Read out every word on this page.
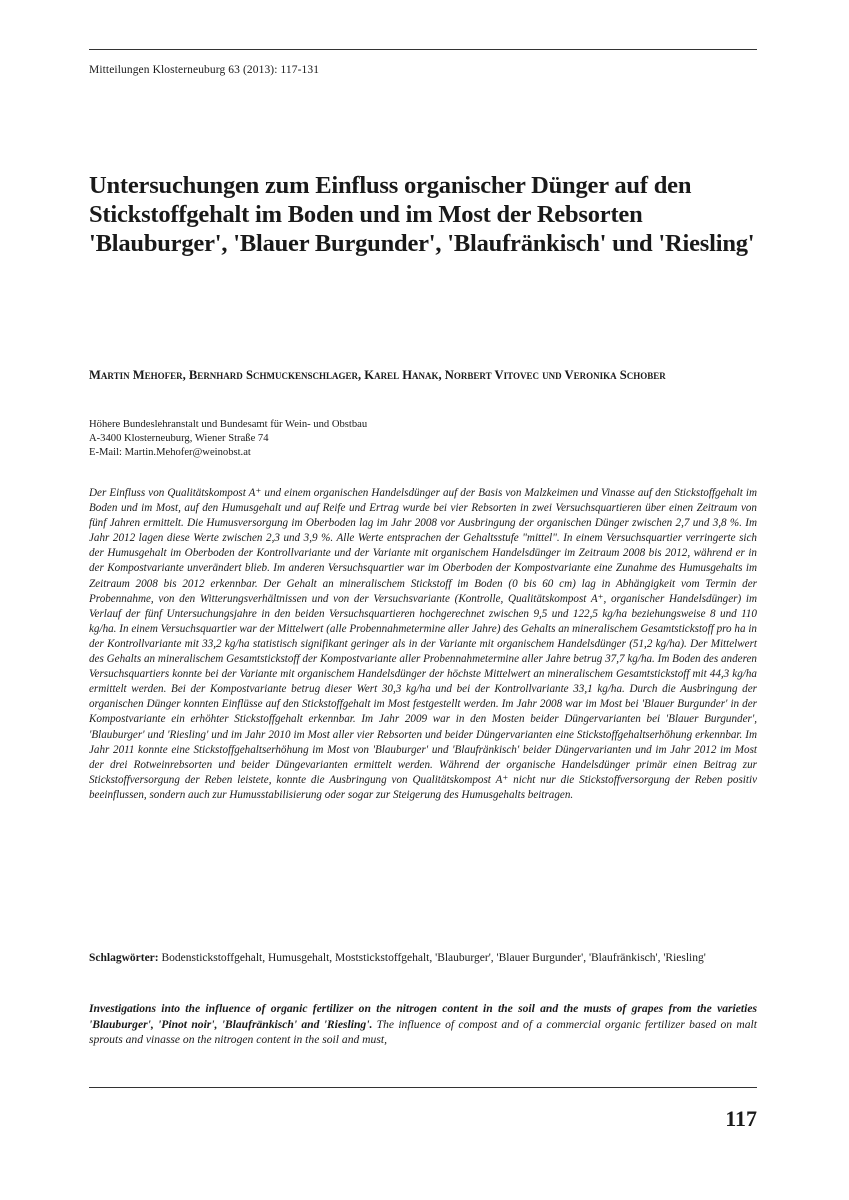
Mitteilungen Klosterneuburg 63 (2013): 117-131
Untersuchungen zum Einfluss organischer Dünger auf den Stickstoffgehalt im Boden und im Most der Rebsorten 'Blauburger', 'Blauer Burgunder', 'Blaufränkisch' und 'Riesling'

Martin Mehofer, Bernhard Schmuckenschlager, Karel Hanak, Norbert Vitovec und Veronika Schober

Höhere Bundeslehranstalt und Bundesamt für Wein- und Obstbau
A-3400 Klosterneuburg, Wiener Straße 74
E-Mail: Martin.Mehofer@weinobst.at

Der Einfluss von Qualitätskompost A⁺ und einem organischen Handelsdünger auf der Basis von Malzkeimen und Vinasse auf den Stickstoffgehalt im Boden und im Most, auf den Humusgehalt und auf Reife und Ertrag wurde bei vier Rebsorten in zwei Versuchsquartieren über einen Zeitraum von fünf Jahren ermittelt. Die Humusversorgung im Oberboden lag im Jahr 2008 vor Ausbringung der organischen Dünger zwischen 2,7 und 3,8 %. Im Jahr 2012 lagen diese Werte zwischen 2,3 und 3,9 %. Alle Werte entsprachen der Gehaltsstufe "mittel". In einem Versuchsquartier verringerte sich der Humusgehalt im Oberboden der Kontrollvariante und der Variante mit organischem Handelsdünger im Zeitraum 2008 bis 2012, während er in der Kompostvariante unverändert blieb. Im anderen Versuchsquartier war im Oberboden der Kompostvariante eine Zunahme des Humusgehalts im Zeitraum 2008 bis 2012 erkennbar. Der Gehalt an mineralischem Stickstoff im Boden (0 bis 60 cm) lag in Abhängigkeit vom Termin der Probennahme, von den Witterungsverhältnissen und von der Versuchsvariante (Kontrolle, Qualitätskompost A⁺, organischer Handelsdünger) im Verlauf der fünf Untersuchungsjahre in den beiden Versuchsquartieren hochgerechnet zwischen 9,5 und 122,5 kg/ha beziehungsweise 8 und 110 kg/ha. In einem Versuchsquartier war der Mittelwert (alle Probennahmetermine aller Jahre) des Gehalts an mineralischem Gesamtstickstoff pro ha in der Kontrollvariante mit 33,2 kg/ha statistisch signifikant geringer als in der Variante mit organischem Handelsdünger (51,2 kg/ha). Der Mittelwert des Gehalts an mineralischem Gesamtstickstoff der Kompostvariante aller Probennahmetermine aller Jahre betrug 37,7 kg/ha. Im Boden des anderen Versuchsquartiers konnte bei der Variante mit organischem Handelsdünger der höchste Mittelwert an mineralischem Gesamtstickstoff mit 44,3 kg/ha ermittelt werden. Bei der Kompostvariante betrug dieser Wert 30,3 kg/ha und bei der Kontrollvariante 33,1 kg/ha. Durch die Ausbringung der organischen Dünger konnten Einflüsse auf den Stickstoffgehalt im Most festgestellt werden. Im Jahr 2008 war im Most bei 'Blauer Burgunder' in der Kompostvariante ein erhöhter Stickstoffgehalt erkennbar. Im Jahr 2009 war in den Mosten beider Düngervarianten bei 'Blauer Burgunder', 'Blauburger' und 'Riesling' und im Jahr 2010 im Most aller vier Rebsorten und beider Düngervarianten eine Stickstoffgehaltserhöhung erkennbar. Im Jahr 2011 konnte eine Stickstoffgehaltserhöhung im Most von 'Blauburger' und 'Blaufränkisch' beider Düngervarianten und im Jahr 2012 im Most der drei Rotweinrebsorten und beider Düngevarianten ermittelt werden. Während der organische Handelsdünger primär einen Beitrag zur Stickstoffversorgung der Reben leistete, konnte die Ausbringung von Qualitätskompost A⁺ nicht nur die Stickstoffversorgung der Reben positiv beeinflussen, sondern auch zur Humusstabilisierung oder sogar zur Steigerung des Humusgehalts beitragen.

Schlagwörter: Bodenstickstoffgehalt, Humusgehalt, Moststickstoffgehalt, 'Blauburger', 'Blauer Burgunder', 'Blaufränkisch', 'Riesling'

Investigations into the influence of organic fertilizer on the nitrogen content in the soil and the musts of grapes from the varieties 'Blauburger', 'Pinot noir', 'Blaufränkisch' and 'Riesling'. The influence of compost and of a commercial organic fertilizer based on malt sprouts and vinasse on the nitrogen content in the soil and must,

117
